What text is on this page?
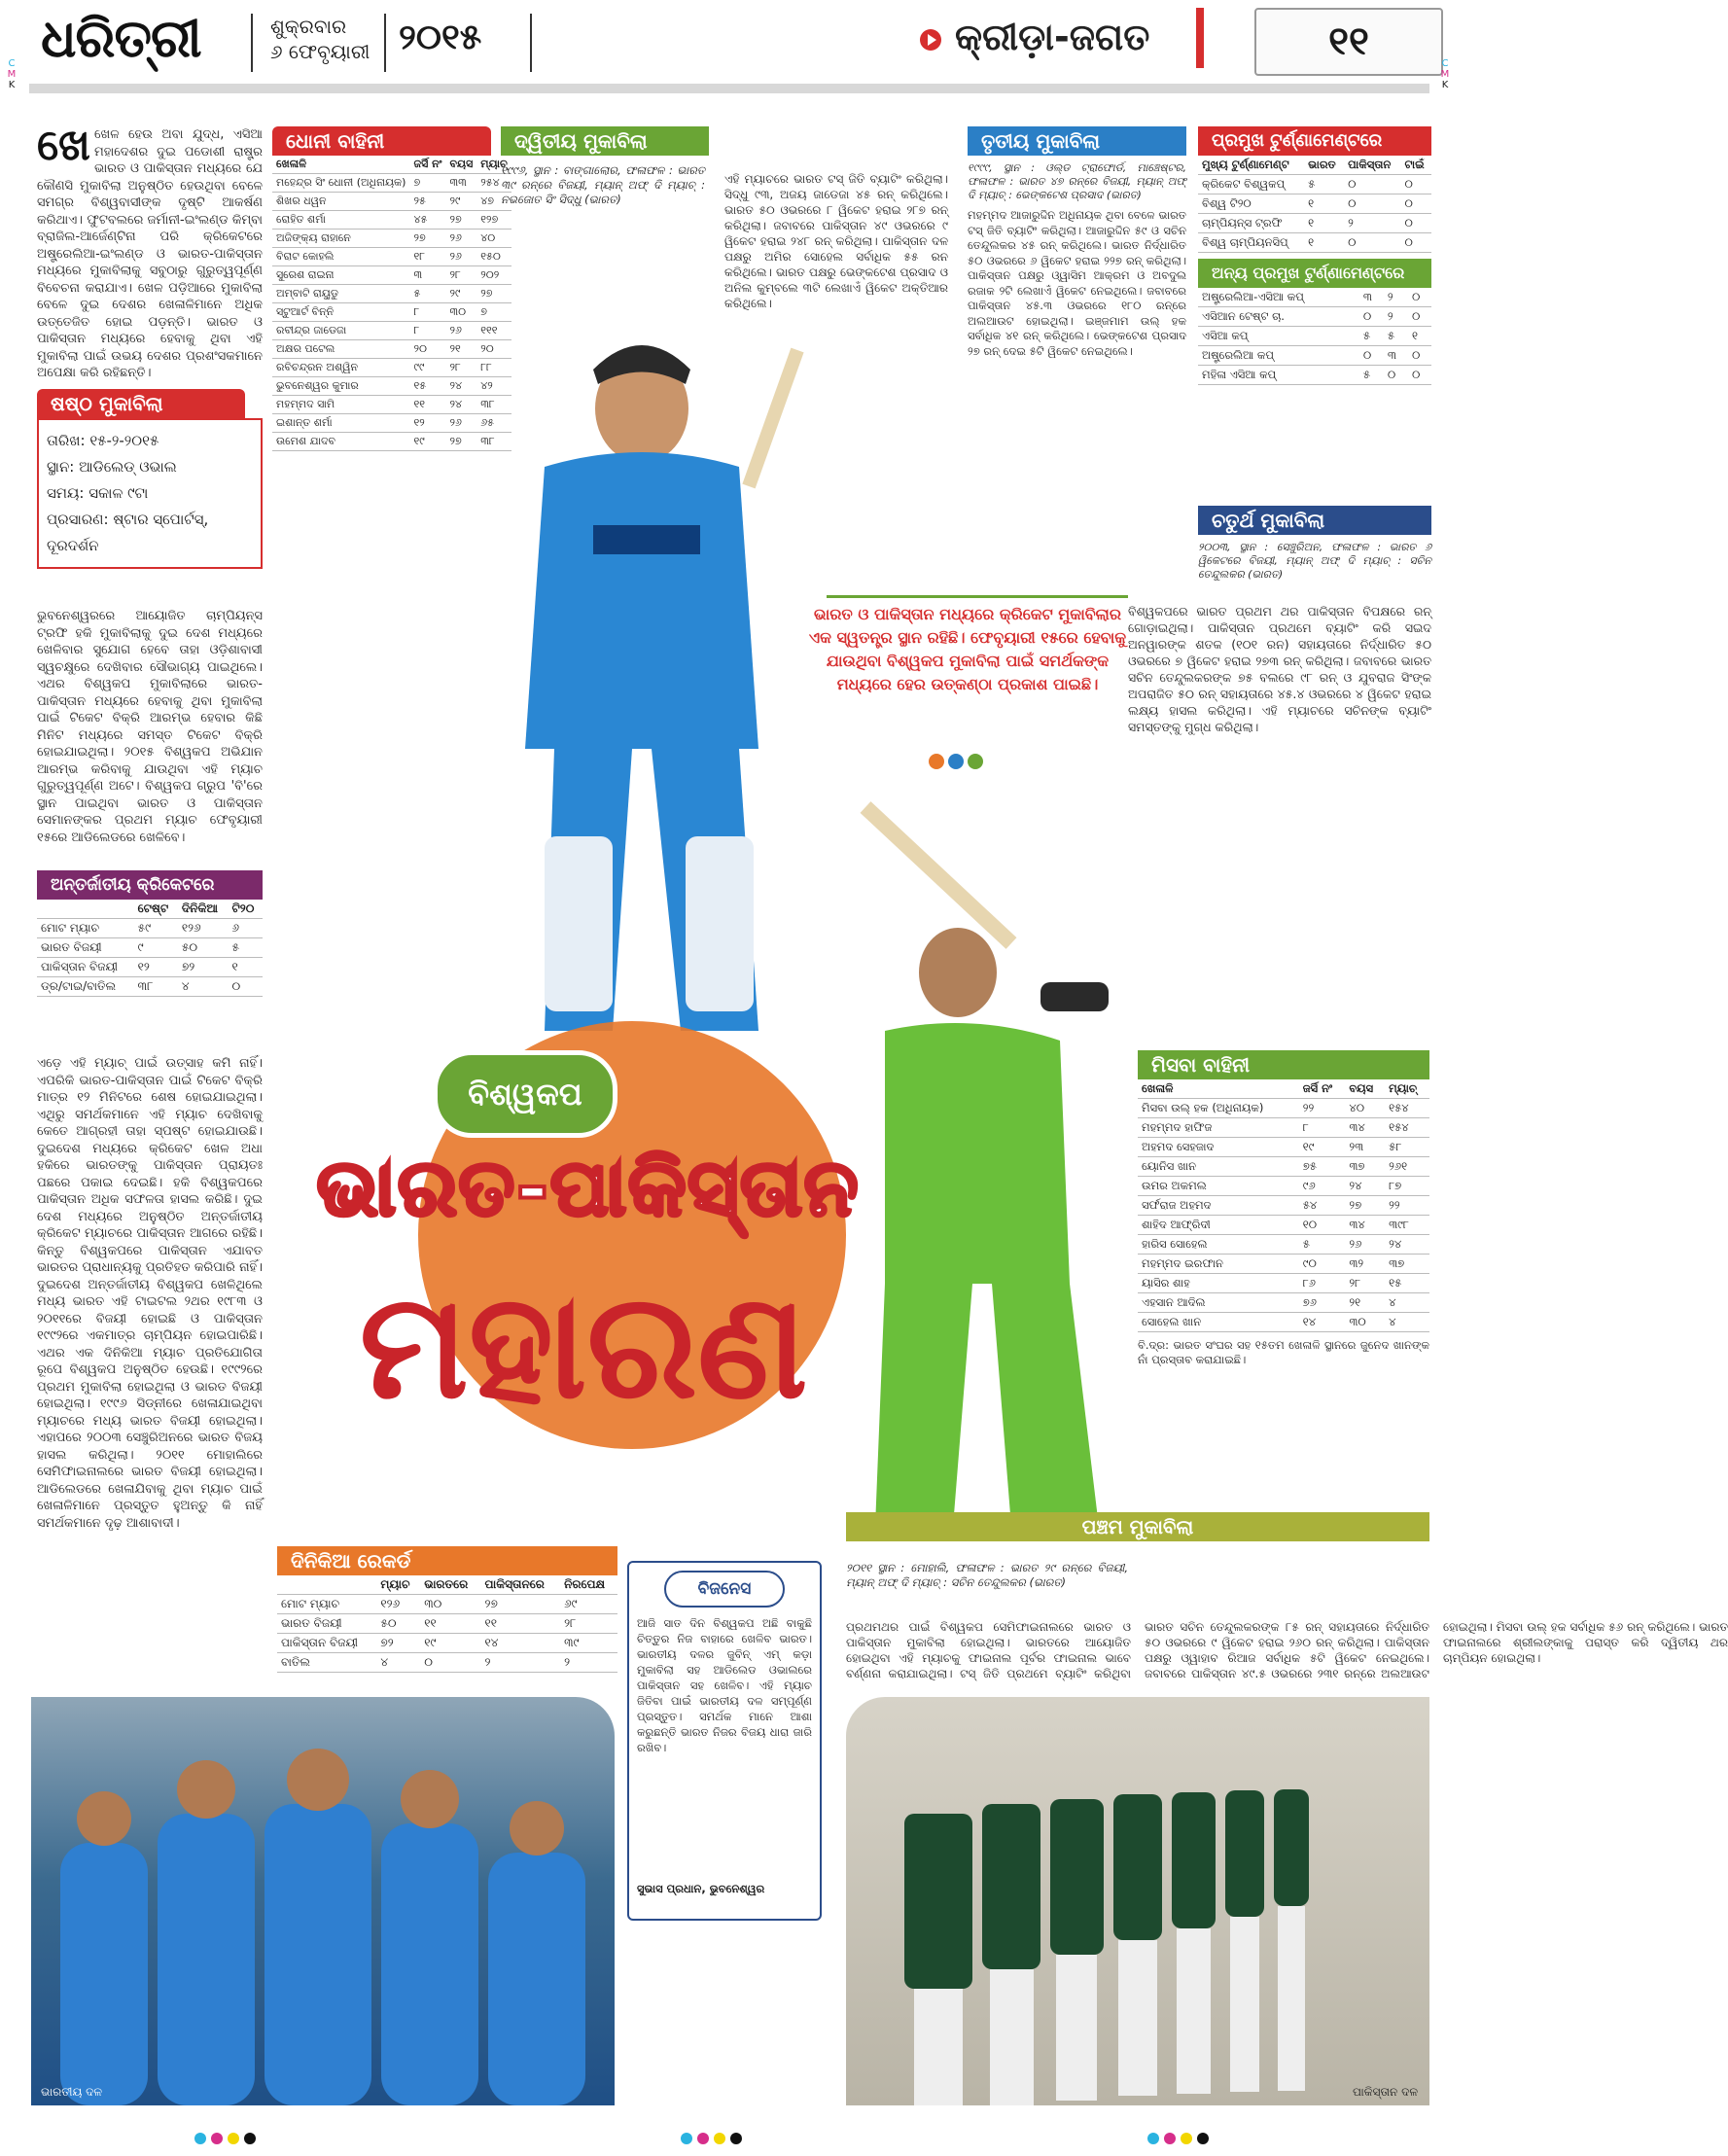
ଧରିତ୍ରୀ	ଶୁକ୍ରବାର
୬ ଫେବୃୟାରୀ ୨୦୧୫	କ୍ରୀଡ଼ା-ଜଗତ	୧୧
ଖେ ଖେଳ ହେଉ ଅବା ଯୁଦ୍ଧ, ଏସିଆ ମହାଦେଶର ଦୁଇ ପଡୋଶୀ ରାଷ୍ଟ୍ର ଭାରତ ଓ ପାକିସ୍ତାନ ମଧ୍ୟରେ ଯେ କୌଣସି ମୁକାବିଲା ଅନୁଷ୍ଠିତ ହେଉଥିବା ବେଳେ ସମଗ୍ର ବିଶ୍ୱବାସୀଙ୍କ ଦୃଷ୍ଟି ଆକର୍ଷଣ କରିଥାଏ। ଫୁଟବଲରେ ଜର୍ମାନୀ-ଇଂଲଣ୍ଡ କିମ୍ବା ବ୍ରାଜିଲ-ଆର୍ଜେଣ୍ଟିନା ପରି କ୍ରିକେଟରେ ଅଷ୍ଟ୍ରେଲିଆ-ଇଂଲଣ୍ଡ ଓ ଭାରତ-ପାକିସ୍ତାନ ମଧ୍ୟରେ ମୁକାବିଲାକୁ ସବୁଠାରୁ ଗୁରୁତ୍ୱପୂର୍ଣ୍ଣ ବିବେଚନା କରାଯାଏ। ଖେଳ ପଡ଼ିଆରେ ମୁକାବିଲା ବେଳେ ଦୁଇ ଦେଶର ଖେଳାଳିମାନେ ଅଧିକ ଉତ୍ତେଜିତ ହୋଇ ପଡ଼ନ୍ତି। ଭାରତ ଓ ପାକିସ୍ତାନ ମଧ୍ୟରେ ହେବାକୁ ଥିବା ଏହି ମୁକାବିଲା ପାଇଁ ଉଭୟ ଦେଶର ପ୍ରଶଂସକମାନେ ଅପେକ୍ଷା କରି ରହିଛନ୍ତି।
ଷଷ୍ଠ ମୁକାବିଲା
ତାରିଖ: ୧୫-୨-୨୦୧୫
ସ୍ଥାନ: ଆଡିଲେଡ୍ ଓଭାଲ
ସମୟ: ସକାଳ ୯ଟା
ପ୍ରସାରଣ: ଷ୍ଟାର ସ୍ପୋର୍ଟସ୍, ଦୂରଦର୍ଶନ
ଭୁବନେଶ୍ୱରରେ ଆୟୋଜିତ ଚାମ୍ପିୟନ୍ସ ଟ୍ରଫି ହକି ମୁକାବିଲାକୁ ଦୁଇ ଦେଶ ମଧ୍ୟରେ ଖେଳିବାର ସୁଯୋଗ ହେବେ ତାହା ଓଡ଼ିଶାବାସୀ ସ୍ୱଚକ୍ଷୁରେ ଦେଖିବାର ସୌଭାଗ୍ୟ ପାଇଥିଲେ। ଏଥର ବିଶ୍ୱକପ ମୁକାବିଲାରେ ଭାରତ-ପାକିସ୍ତାନ ମଧ୍ୟରେ ହେବାକୁ ଥିବା ମୁକାବିଲା ପାଇଁ ଟିକେଟ ବିକ୍ରି ଆରମ୍ଭ ହେବାର କିଛି ମିନିଟ ମଧ୍ୟରେ ସମସ୍ତ ଟିକେଟ ବିକ୍ରି ହୋଇଯାଇଥିଲା। ୨୦୧୫ ବିଶ୍ୱକପ ଅଭିଯାନ ଆରମ୍ଭ କରିବାକୁ ଯାଉଥିବା ଏହି ମ୍ୟାଚ ଗୁରୁତ୍ୱପୂର୍ଣ୍ଣ ଅଟେ। ବିଶ୍ୱକପ ଗ୍ରୁପ 'ବି'ରେ ସ୍ଥାନ ପାଇଥିବା ଭାରତ ଓ ପାକିସ୍ତାନ ସେମାନଙ୍କର ପ୍ରଥମ ମ୍ୟାଚ ଫେବୃୟାରୀ ୧୫ରେ ଆଡିଲେଡରେ ଖେଳିବେ।
ଅନ୍ତର୍ଜାତୀୟ କ୍ରିକେଟରେ
	ଟେଷ୍ଟ	ଦିନିକିଆ	ଟି୨୦
ମୋଟ ମ୍ୟାଚ	୫୯	୧୨୬	୬
ଭାରତ ବିଜୟୀ	୯	୫୦	୫
ପାକିସ୍ତାନ ବିଜୟୀ	୧୨	୭୨	୧
ଡ୍ର/ଟାଇ/ବାତିଲ	୩୮	୪	୦
ଏଡ଼େ ଏହି ମ୍ୟାଚ୍ ପାଇଁ ଉତ୍ସାହ କମି ନାହିଁ। ଏପରିକି ଭାରତ-ପାକିସ୍ତାନ ପାଇଁ ଟିକେଟ ବିକ୍ରି ମାତ୍ର ୧୨ ମିନିଟରେ ଶେଷ ହୋଇଯାଇଥିଲା। ଏଥିରୁ ସମର୍ଥକମାନେ ଏହି ମ୍ୟାଚ ଦେଖିବାକୁ କେତେ ଆଗ୍ରହୀ ତାହା ସ୍ପଷ୍ଟ ହୋଇଯାଉଛି। ଦୁଇଦେଶ ମଧ୍ୟରେ କ୍ରିକେଟ ଖେଳ ଅଧା ହକିରେ ଭାରତଙ୍କୁ ପାକିସ୍ତାନ ପ୍ରାୟତଃ ପଛରେ ପକାଇ ଦେଇଛି। ହକି ବିଶ୍ୱକପରେ ପାକିସ୍ତାନ ଅଧିକ ସଫଳତା ହାସଲ କରିଛି। ଦୁଇ ଦେଶ ମଧ୍ୟରେ ଅନୁଷ୍ଠିତ ଅନ୍ତର୍ଜାତୀୟ କ୍ରିକେଟ ମ୍ୟାଚରେ ପାକିସ୍ତାନ ଆଗରେ ରହିଛି। କିନ୍ତୁ ବିଶ୍ୱକପରେ ପାକିସ୍ତାନ ଏଯାବତ ଭାରତର ପ୍ରାଧାନ୍ୟକୁ ପ୍ରତିହତ କରିପାରି ନାହିଁ। ଦୁଇଦେଶ ଅନ୍ତର୍ଜାତୀୟ ବିଶ୍ୱକପ ଖେଳିଥିଲେ ମଧ୍ୟ ଭାରତ ଏହି ଟାଇଟଲ ୨ଥର ୧୯୮୩ ଓ ୨୦୧୧ରେ ବିଜୟୀ ହୋଇଛି ଓ ପାକିସ୍ତାନ ୧୯୯୨ରେ ଏକମାତ୍ର ଚାମ୍ପିୟନ ହୋଇପାରିଛି। ଏଥର ଏକ ଦିନିକିଆ ମ୍ୟାଚ ପ୍ରତିଯୋଗିତା ରୂପେ ବିଶ୍ୱକପ ଅନୁଷ୍ଠିତ ହେଉଛି। ୧୯୯୨ରେ ପ୍ରଥମ ମୁକାବିଲା ହୋଇଥିଲା ଓ ଭାରତ ବିଜୟୀ ହୋଇଥିଲା। ୧୯୯୬ ସିଡ୍ନୀରେ ଖେଳାଯାଇଥିବା ମ୍ୟାଚରେ ମଧ୍ୟ ଭାରତ ବିଜୟୀ ହୋଇଥିଲା। ଏହାପରେ ୨୦୦୩ ସେଞ୍ଚୁରିଅନରେ ଭାରତ ବିଜୟ ହାସଲ କରିଥିଲା। ୨୦୧୧ ମୋହାଲିରେ ସେମିଫାଇନାଲରେ ଭାରତ ବିଜୟୀ ହୋଇଥିଲା। ଆଡିଲେଡରେ ଖେଳାଯିବାକୁ ଥିବା ମ୍ୟାଚ ପାଇଁ ଖେଳାଳିମାନେ ପ୍ରସ୍ତୁତ ହୁଅନ୍ତୁ କି ନାହିଁ ସମର୍ଥକମାନେ ଦୃଢ଼ ଆଶାବାଦୀ।
ଧୋନୀ ବାହିନୀ
ଖେଳାଳି	ଜର୍ସି ନଂ	ବୟସ	ମ୍ୟାଚ୍
ମହେନ୍ଦ୍ର ସିଂ ଧୋନୀ (ଅଧିନାୟକ)	୭	୩୩	୨୫୪
ଶିଖର ଧୱନ	୨୫	୨୯	୪୭
ରୋହିତ ଶର୍ମା	୪୫	୨୭	୧୨୭
ଅଜିଙ୍କ୍ୟ ରାହାନେ	୨୭	୨୬	୪୦
ବିରାଟ କୋହଲି	୧୮	୨୬	୧୫୦
ସୁରେଶ ରାଇନା	୩	୨୮	୨୦୨
ଅମ୍ବାଟି ରାୟୁଡୁ	୫	୨୯	୨୭
ସ୍ଟୁଆର୍ଟ ବିନ୍ନି	୮	୩୦	୭
ରବୀନ୍ଦ୍ର ଜାଡେଜା	୮	୨୬	୧୧୧
ଅକ୍ଷର ପଟେଲ	୨୦	୨୧	୨୦
ରବିଚନ୍ଦ୍ରନ ଅଶ୍ୱିନ	୯୯	୨୮	୮୮
ଭୁବନେଶ୍ୱର କୁମାର	୧୫	୨୪	୪୨
ମହମ୍ମଦ ସାମି	୧୧	୨୪	୩୮
ଇଶାନ୍ତ ଶର୍ମା	୧୨	୨୬	୬୫
ଉମେଶ ଯାଦବ	୧୯	୨୭	୩୮
ଦ୍ୱିତୀୟ ମୁକାବିଲା
୧୯୯୬, ସ୍ଥାନ : ବାଙ୍ଗାଲୋର, ଫଳାଫଳ : ଭାରତ ୩୯ ରନ୍‌ରେ ବିଜୟୀ, ମ୍ୟାନ୍ ଅଫ୍ ଦି ମ୍ୟାଚ୍ : ନଭଜୋତ ସିଂ ସିଦ୍ଧୁ (ଭାରତ)
ଏହି ମ୍ୟାଚରେ ଭାରତ ଟସ୍ ଜିତି ବ୍ୟାଟିଂ କରିଥିଲା। ସିଦ୍ଧୁ ୯୩, ଅଜୟ ଜାଡେଜା ୪୫ ରନ୍ କରିଥିଲେ। ଭାରତ ୫୦ ଓଭରରେ ୮ ୱିକେଟ ହରାଇ ୨୮୭ ରନ୍ କରିଥିଲା। ଜବାବରେ ପାକିସ୍ତାନ ୪୯ ଓଭରରେ ୯ ୱିକେଟ ହରାଇ ୨୪୮ ରନ୍ କରିଥିଲା। ପାକିସ୍ତାନ ଦଳ ପକ୍ଷରୁ ଅମିର ସୋହେଲ ସର୍ବାଧିକ ୫୫ ରନ କରିଥିଲେ। ଭାରତ ପକ୍ଷରୁ ଭେଙ୍କଟେଶ ପ୍ରସାଦ ଓ ଅନିଲ କୁମ୍ବଲେ ୩ଟି ଲେଖାଏଁ ୱିକେଟ ଅକ୍ତିଆର କରିଥିଲେ।
ତୃତୀୟ ମୁକାବିଲା
୧୯୯୯, ସ୍ଥାନ : ଓଲ୍ଡ ଟ୍ରାଫୋର୍ଡ, ମାଞ୍ଚେଷ୍ଟର, ଫଳାଫଳ : ଭାରତ ୪୭ ରନ୍‌ରେ ବିଜୟୀ, ମ୍ୟାନ୍ ଅଫ୍ ଦି ମ୍ୟାଚ୍ : ଭେଙ୍କଟେଶ ପ୍ରସାଦ (ଭାରତ)
ମହମ୍ମଦ ଆଜାରୁଦ୍ଦିନ ଅଧିନାୟକ ଥିବା ବେଳେ ଭାରତ ଟସ୍ ଜିତି ବ୍ୟାଟିଂ କରିଥିଲା। ଆଜାରୁଦ୍ଦିନ ୫୯ ଓ ସଚିନ ତେନ୍ଦୁଲକର ୪୫ ରନ୍ କରିଥିଲେ। ଭାରତ ନିର୍ଦ୍ଧାରିତ ୫୦ ଓଭରରେ ୬ ୱିକେଟ ହରାଇ ୨୨୭ ରନ୍ କରିଥିଲା। ପାକିସ୍ତାନ ପକ୍ଷରୁ ଓ୍ୱାସିମ ଆକ୍ରମ ଓ ଅବଦୁଲ ରଜାକ ୨ଟି ଲେଖାଏଁ ୱିକେଟ ନେଇଥିଲେ। ଜବାବରେ ପାକିସ୍ତାନ ୪୫.୩ ଓଭରରେ ୧୮୦ ରନ୍‌ରେ ଅଲଆଉଟ ହୋଇଥିଲା। ଇଞ୍ଜମାମ ଉଲ୍ ହକ ସର୍ବାଧିକ ୪୧ ରନ୍ କରିଥିଲେ। ଭେଙ୍କଟେଶ ପ୍ରସାଦ ୨୭ ରନ୍ ଦେଇ ୫ଟି ୱିକେଟ ନେଇଥିଲେ।
ପ୍ରମୁଖ ଟୁର୍ଣ୍ଣାମେଣ୍ଟରେ
ମୁଖ୍ୟ ଟୁର୍ଣ୍ଣାମେଣ୍ଟ	ଭାରତ	ପାକିସ୍ତାନ	ଟାଇଁ
କ୍ରିକେଟ ବିଶ୍ୱକପ୍	୫	୦	୦
ବିଶ୍ୱ ଟି୨୦	୧	୦	୦
ଚାମ୍ପିୟନ୍ସ ଟ୍ରଫି	୧	୨	୦
ବିଶ୍ୱ ଚାମ୍ପିୟନସିପ୍	୧	୦	୦
ଅନ୍ୟ ପ୍ରମୁଖ ଟୁର୍ଣ୍ଣାମେଣ୍ଟରେ
ଅଷ୍ଟ୍ରେଲିଆ-ଏସିଆ କପ୍	୩	୨	୦
ଏସିଆନ ଟେଷ୍ଟ ଚା.	୦	୨	୦
ଏସିଆ କପ୍	୫	୫	୧
ଅଷ୍ଟ୍ରେଲିଆ କପ୍	୦	୩	୦
ମହିଳା ଏସିଆ କପ୍	୫	୦	୦
ଚତୁର୍ଥ ମୁକାବିଲା
୨୦୦୩, ସ୍ଥାନ : ସେଞ୍ଚୁରିଅନ, ଫଳାଫଳ : ଭାରତ ୬ ୱିକେଟରେ ବିଜୟୀ, ମ୍ୟାନ୍ ଅଫ୍ ଦି ମ୍ୟାଚ୍ : ସଚିନ ତେନ୍ଦୁଲକର (ଭାରତ)
ବିଶ୍ୱକପରେ ଭାରତ ପ୍ରଥମ ଥର ପାକିସ୍ତାନ ବିପକ୍ଷରେ ରନ୍ ଗୋଡ଼ାଇଥିଲା। ପାକିସ୍ତାନ ପ୍ରଥମେ ବ୍ୟାଟିଂ କରି ସଇଦ ଅନୱାରଙ୍କ ଶତକ (୧୦୧ ରନ) ସହାୟତାରେ ନିର୍ଦ୍ଧାରିତ ୫୦ ଓଭରରେ ୭ ୱିକେଟ ହରାଇ ୨୭୩ ରନ୍ କରିଥିଲା। ଜବାବରେ ଭାରତ ସଚିନ ତେନ୍ଦୁଲକରଙ୍କ ୭୫ ବଲରେ ୯୮ ରନ୍ ଓ ଯୁବରାଜ ସିଂଙ୍କ ଅପରାଜିତ ୫୦ ରନ୍ ସହାୟତାରେ ୪୫.୪ ଓଭରରେ ୪ ୱିକେଟ ହରାଇ ଲକ୍ଷ୍ୟ ହାସଲ କରିଥିଲା। ଏହି ମ୍ୟାଚରେ ସଚିନଙ୍କ ବ୍ୟାଟିଂ ସମସ୍ତଙ୍କୁ ମୁଗ୍ଧ କରିଥିଲା।
ଭାରତ ଓ ପାକିସ୍ତାନ ମଧ୍ୟରେ କ୍ରିକେଟ ମୁକାବିଲାର ଏକ ସ୍ୱତନ୍ତ୍ର ସ୍ଥାନ ରହିଛି। ଫେବୃୟାରୀ ୧୫ରେ ହେବାକୁ ଯାଉଥିବା ବିଶ୍ୱକପ ମୁକାବିଲା ପାଇଁ ସମର୍ଥକଙ୍କ ମଧ୍ୟରେ ହେର ଉତ୍କଣ୍ଠା ପ୍ରକାଶ ପାଇଛି।
ବିଶ୍ୱକପ
ଭାରତ-ପାକିସ୍ତାନ
ମହାରଣ
ମିସବା ବାହିନୀ
ଖେଳାଳି	ଜର୍ସି ନଂ	ବୟସ	ମ୍ୟାଚ୍
ମିସବା ଉଲ୍ ହକ (ଅଧିନାୟକ)	୨୨	୪୦	୧୫୪
ମହମ୍ମଦ ହାଫିଜ	୮	୩୪	୧୫୪
ଅହମଦ ସେହଜାଦ	୧୯	୨୩	୫୮
ୟୋନିସ ଖାନ	୭୫	୩୭	୨୬୧
ଉମର ଅକମଲ	୯୬	୨୪	୮୭
ସର୍ଫରାଜ ଅହମଦ	୫୪	୨୭	୨୨
ଶାହିଦ ଆଫ୍ରିଦୀ	୧୦	୩୪	୩୯୮
ହାରିସ ସୋହେଲ	୫	୨୬	୨୪
ମହମ୍ମଦ ଇରଫାନ	୯୦	୩୨	୩୭
ୟାସିର ଶାହ	୮୬	୨୮	୧୫
ଏହସାନ ଆଦିଲ	୭୬	୨୧	୪
ସୋହେଲ ଖାନ	୧୪	୩୦	୪
ବି.ଦ୍ର: ଭାରତ ସଂଘର ସହ ୧୫ତମ ଖେଳାଳି ସ୍ଥାନରେ ଜୁନେଦ ଖାନଙ୍କ ନାଁ ପ୍ରସ୍ତାବ କରାଯାଇଛି।
ଦିନିକିଆ ରେକର୍ଡ
	ମ୍ୟାଚ	ଭାରତରେ	ପାକିସ୍ତାନରେ	ନିରପେକ୍ଷ
ମୋଟ ମ୍ୟାଚ	୧୨୬	୩୦	୨୭	୬୯
ଭାରତ ବିଜୟୀ	୫୦	୧୧	୧୧	୨୮
ପାକିସ୍ତାନ ବିଜୟୀ	୭୨	୧୯	୧୪	୩୯
ବାତିଲ	୪	୦	୨	୨
ବିଜନେସ
ଆଜି ସାତ ଦିନ ବିଶ୍ୱକପ ଅଛି ବାକୁଛି ଚିତ୍ତୁର ନିଜ ବାହାରେ ଖେଳିବ ଭାରତ। ଭାରତୀୟ ଦଳର ଜୁବିନ୍ ଏମ୍ କଡ଼ା ମୁକାବିଲା ସହ ଆଡିଲେଡ ଓଭାଲରେ ପାକିସ୍ତାନ ସହ ଖେଳିବ। ଏହି ମ୍ୟାଚ ଜିତିବା ପାଇଁ ଭାରତୀୟ ଦଳ ସମ୍ପୂର୍ଣ୍ଣ ପ୍ରସ୍ତୁତ। ସମର୍ଥକ ମାନେ ଆଶା କରୁଛନ୍ତି ଭାରତ ନିଜର ବିଜୟ ଧାରା ଜାରି ରଖିବ।
ସୁଭାସ ପ୍ରଧାନ, ଭୁବନେଶ୍ୱର
ପଞ୍ଚମ ମୁକାବିଲା
୨୦୧୧ ସ୍ଥାନ : ମୋହାଲି, ଫଳାଫଳ : ଭାରତ ୨୯ ରନ୍‌ରେ ବିଜୟୀ, ମ୍ୟାନ୍ ଅଫ୍ ଦି ମ୍ୟାଚ୍ : ସଚିନ ତେନ୍ଦୁଲକର (ଭାରତ)
ପ୍ରଥମଥର ପାଇଁ ବିଶ୍ୱକପ ସେମିଫାଇନାଲରେ ଭାରତ ଓ ପାକିସ୍ତାନ ମୁକାବିଲା ହୋଇଥିଲା। ଭାରତରେ ଆୟୋଜିତ ହୋଇଥିବା ଏହି ମ୍ୟାଚକୁ ଫାଇନାଲ ପୂର୍ବର ଫାଇନାଲ ଭାବେ ବର୍ଣ୍ଣନା କରାଯାଇଥିଲା। ଟସ୍ ଜିତି ପ୍ରଥମେ ବ୍ୟାଟିଂ କରିଥିବା ଭାରତ ସଚିନ ତେନ୍ଦୁଲକରଙ୍କ ୮୫ ରନ୍ ସହାୟତାରେ ନିର୍ଦ୍ଧାରିତ ୫୦ ଓଭରରେ ୯ ୱିକେଟ ହରାଇ ୨୬୦ ରନ୍ କରିଥିଲା। ପାକିସ୍ତାନ ପକ୍ଷରୁ ଓ୍ୱାହାବ ରିଆଜ ସର୍ବାଧିକ ୫ଟି ୱିକେଟ ନେଇଥିଲେ। ଜବାବରେ ପାକିସ୍ତାନ ୪୯.୫ ଓଭରରେ ୨୩୧ ରନ୍‌ରେ ଅଲଆଉଟ ହୋଇଥିଲା। ମିସବା ଉଲ୍ ହକ ସର୍ବାଧିକ ୫୬ ରନ୍ କରିଥିଲେ। ଭାରତ ଫାଇନାଲରେ ଶ୍ରୀଲଙ୍କାକୁ ପରାସ୍ତ କରି ଦ୍ୱିତୀୟ ଥର ଚାମ୍ପିୟନ ହୋଇଥିଲା।
ଭାରତୀୟ ଦଳ	ପାକିସ୍ତାନ ଦଳ
C
M
K
C
M
K
